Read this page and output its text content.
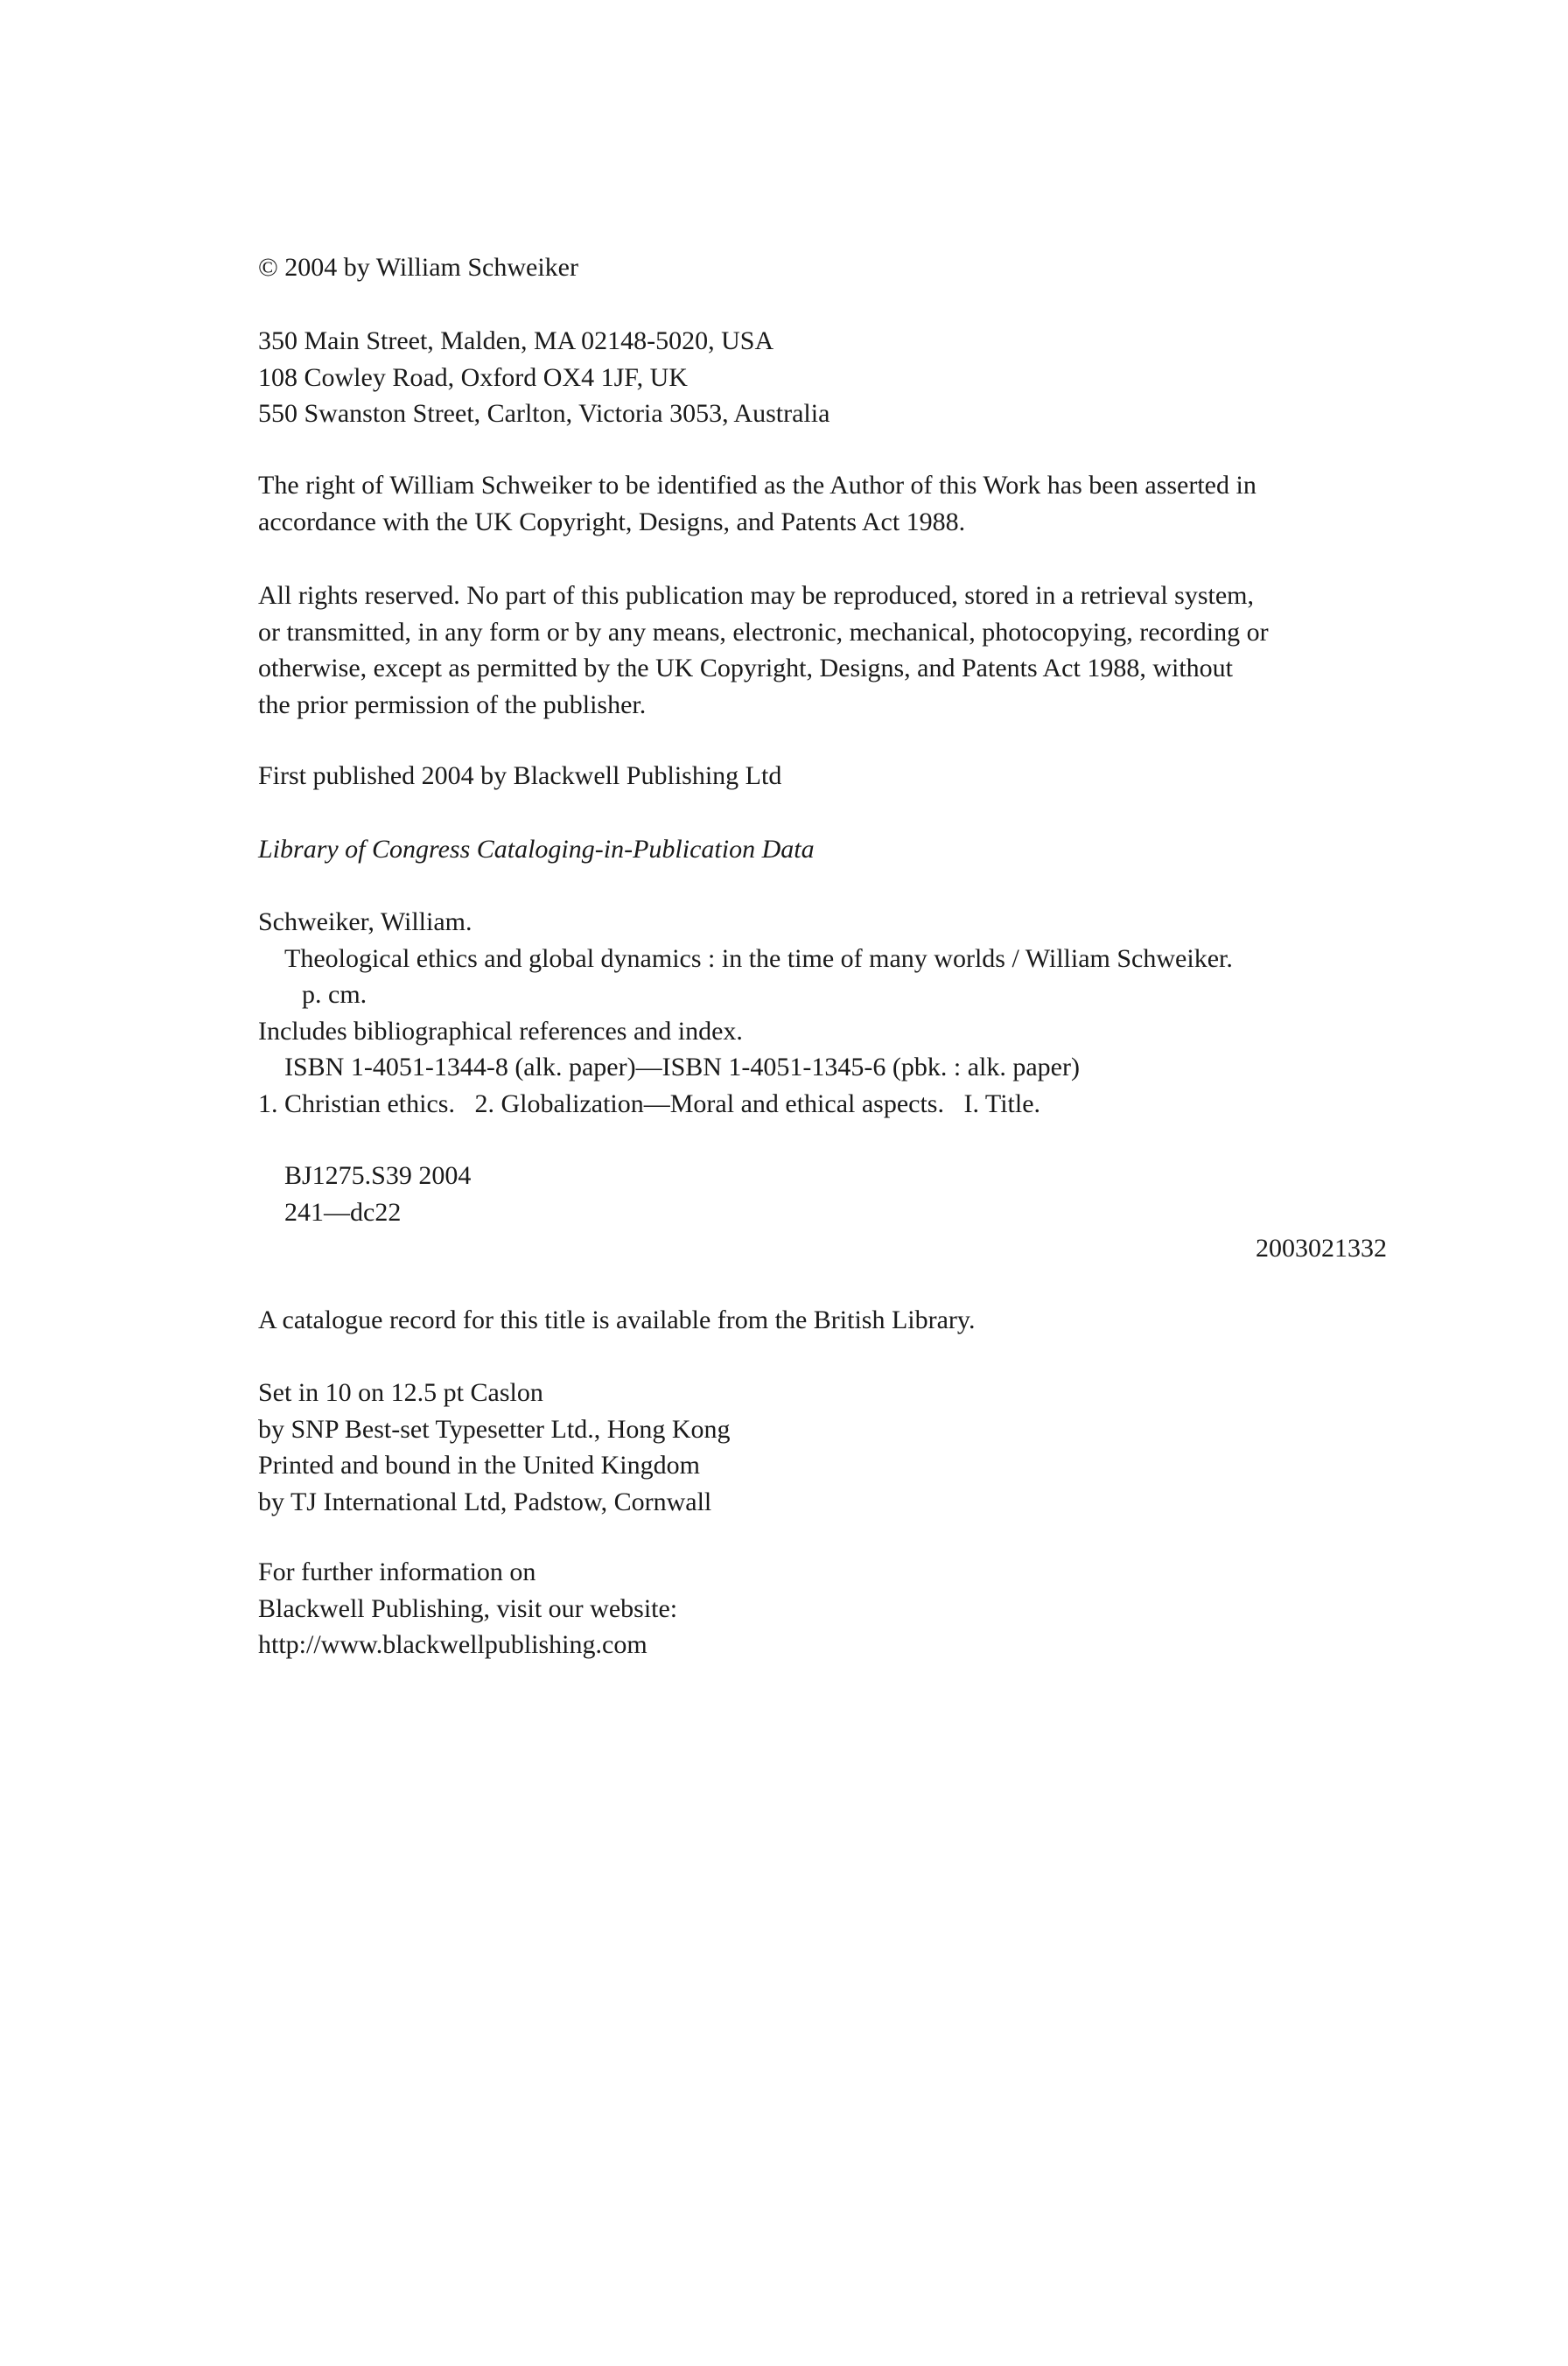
© 2004 by William Schweiker

350 Main Street, Malden, MA 02148-5020, USA
108 Cowley Road, Oxford OX4 1JF, UK
550 Swanston Street, Carlton, Victoria 3053, Australia

The right of William Schweiker to be identified as the Author of this Work has been asserted in
accordance with the UK Copyright, Designs, and Patents Act 1988.

All rights reserved. No part of this publication may be reproduced, stored in a retrieval system,
or transmitted, in any form or by any means, electronic, mechanical, photocopying, recording or
otherwise, except as permitted by the UK Copyright, Designs, and Patents Act 1988, without
the prior permission of the publisher.

First published 2004 by Blackwell Publishing Ltd

Library of Congress Cataloging-in-Publication Data

Schweiker, William.
Theological ethics and global dynamics : in the time of many worlds / William Schweiker.
p. cm.
Includes bibliographical references and index.
ISBN 1-4051-1344-8 (alk. paper)—ISBN 1-4051-1345-6 (pbk. : alk. paper)
1. Christian ethics.   2. Globalization—Moral and ethical aspects.   I. Title.
BJ1275.S39 2004
241—dc22
2003021332

A catalogue record for this title is available from the British Library.

Set in 10 on 12.5 pt Caslon
by SNP Best-set Typesetter Ltd., Hong Kong
Printed and bound in the United Kingdom
by TJ International Ltd, Padstow, Cornwall

For further information on
Blackwell Publishing, visit our website:
http://www.blackwellpublishing.com
